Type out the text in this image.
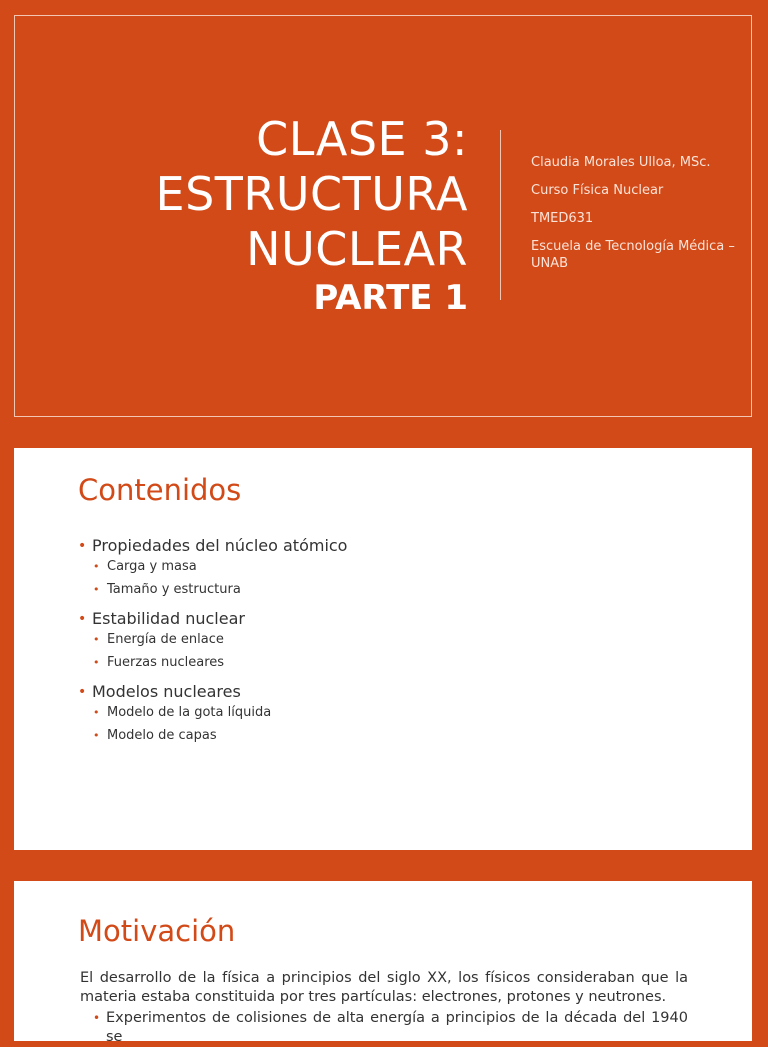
CLASE 3:
ESTRUCTURA
NUCLEAR
PARTE 1

Claudia Morales Ulloa, MSc.

Curso Física Nuclear

TMED631

Escuela de Tecnología Médica – UNAB

Contenidos
• Propiedades del núcleo atómico
• Carga y masa
• Tamaño y estructura
• Estabilidad nuclear
• Energía de enlace
• Fuerzas nucleares
• Modelos nucleares
• Modelo de la gota líquida
• Modelo de capas
Motivación

El desarrollo de la física a principios del siglo XX, los físicos consideraban que la materia estaba constituida por tres partículas: electrones, protones y neutrones.

• Experimentos de colisiones de alta energía a principios de la década del 1940 se
